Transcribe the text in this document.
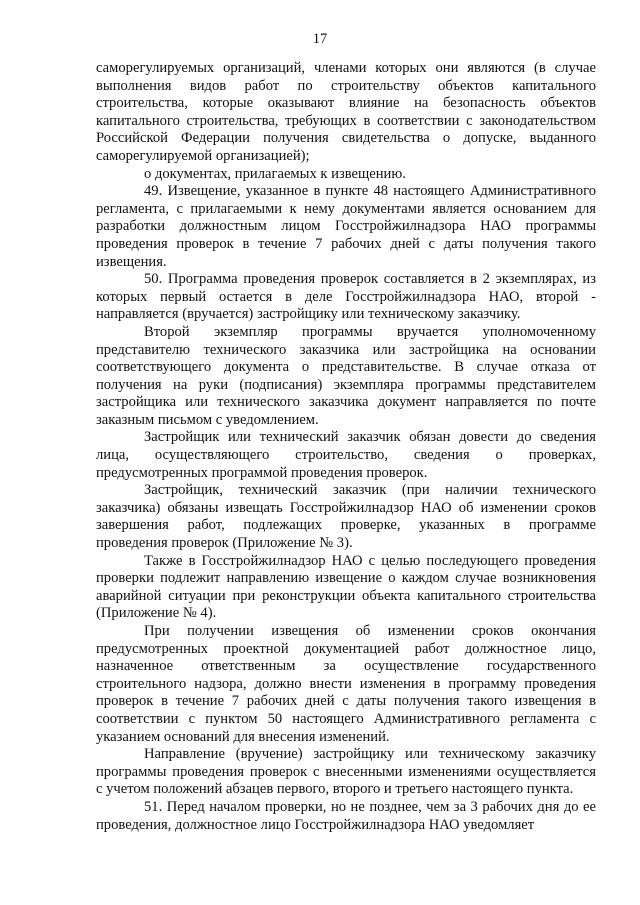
17
саморегулируемых организаций, членами которых они являются (в случае
выполнения видов работ по строительству объектов капитального
строительства, которые оказывают влияние на безопасность объектов
капитального строительства, требующих в соответствии с законодательством
Российской Федерации получения свидетельства о допуске, выданного
саморегулируемой организацией);
о документах, прилагаемых к извещению.
49. Извещение, указанное в пункте 48 настоящего Административного
регламента, с прилагаемыми к нему документами является основанием для
разработки должностным лицом Госстройжилнадзора НАО программы
проведения проверок в течение 7 рабочих дней с даты получения такого
извещения.
50. Программа проведения проверок составляется в 2 экземплярах, из
которых первый остается в деле Госстройжилнадзора НАО, второй -
направляется (вручается) застройщику или техническому заказчику.
Второй экземпляр программы вручается уполномоченному
представителю технического заказчика или застройщика на основании
соответствующего документа о представительстве. В случае отказа от
получения на руки (подписания) экземпляра программы представителем
застройщика или технического заказчика документ направляется по почте
заказным письмом с уведомлением.
Застройщик или технический заказчик обязан довести до сведения
лица, осуществляющего строительство, сведения о проверках,
предусмотренных программой проведения проверок.
Застройщик, технический заказчик (при наличии технического
заказчика) обязаны извещать Госстройжилнадзор НАО об изменении сроков
завершения работ, подлежащих проверке, указанных в программе
проведения проверок (Приложение № 3).
Также в Госстройжилнадзор НАО с целью последующего проведения
проверки подлежит направлению извещение о каждом случае возникновения
аварийной ситуации при реконструкции объекта капитального строительства
(Приложение № 4).
При получении извещения об изменении сроков окончания
предусмотренных проектной документацией работ должностное лицо,
назначенное ответственным за осуществление государственного
строительного надзора, должно внести изменения в программу проведения
проверок в течение 7 рабочих дней с даты получения такого извещения в
соответствии с пунктом 50 настоящего Административного регламента с
указанием оснований для внесения изменений.
Направление (вручение) застройщику или техническому заказчику
программы проведения проверок с внесенными изменениями осуществляется
с учетом положений абзацев первого, второго и третьего настоящего пункта.
51. Перед началом проверки, но не позднее, чем за 3 рабочих дня до ее
проведения, должностное лицо Госстройжилнадзора НАО уведомляет
